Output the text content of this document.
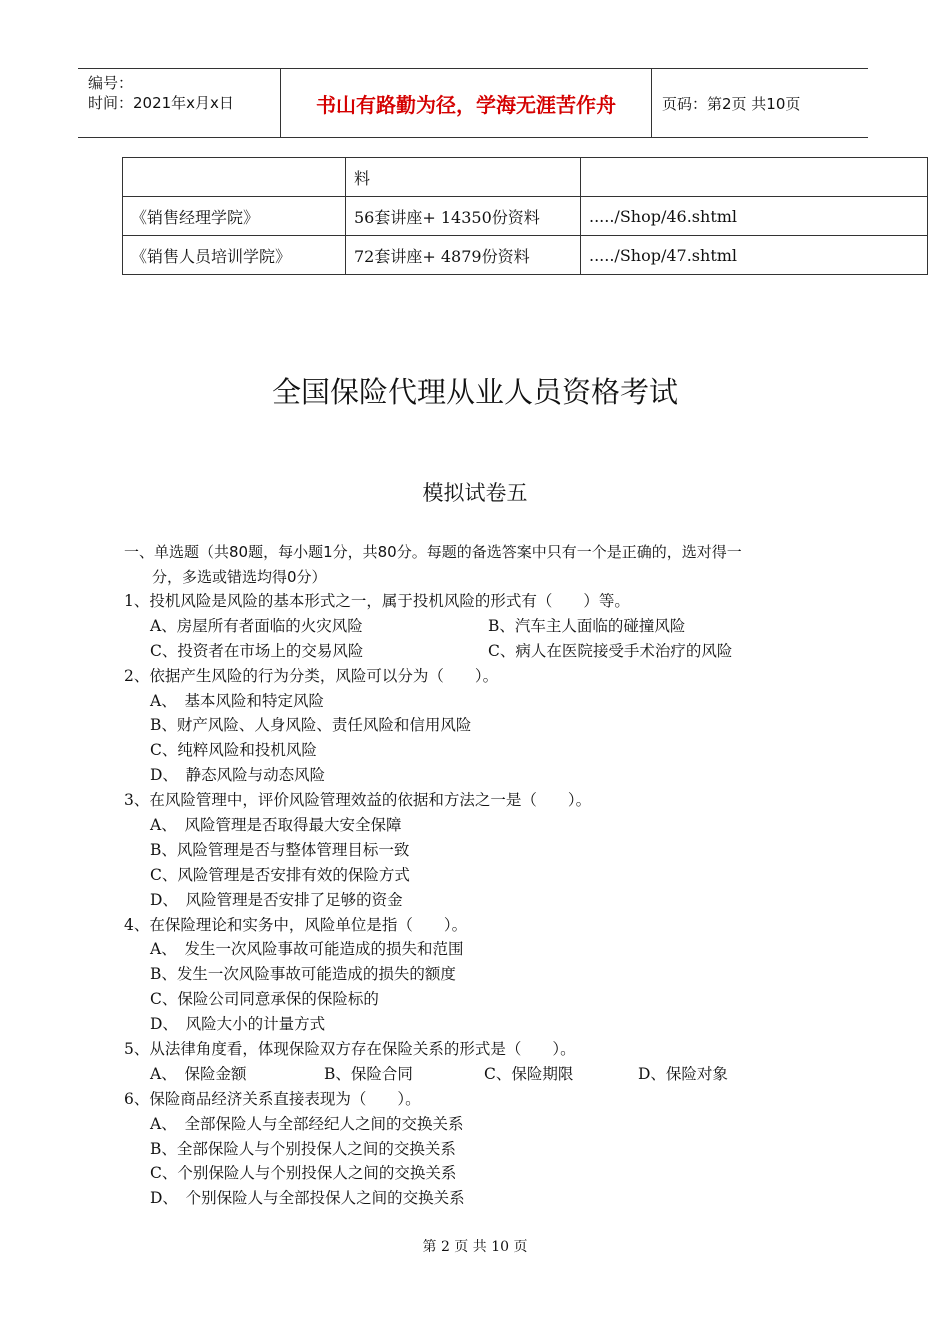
编号：
时间：2021年x月x日	书山有路勤为径，学海无涯苦作舟	页码：第2页 共10页
	料	
《销售经理学院》	56套讲座+ 14350份资料	...../Shop/46.shtml
《销售人员培训学院》	72套讲座+ 4879份资料	...../Shop/47.shtml
全国保险代理从业人员资格考试
模拟试卷五
一、单选题（共80题，每小题1分，共80分。每题的备选答案中只有一个是正确的，选对得一
分，多选或错选均得0分）
1、投机风险是风险的基本形式之一，属于投机风险的形式有（　　）等。
A、房屋所有者面临的火灾风险	B、汽车主人面临的碰撞风险
C、投资者在市场上的交易风险	C、病人在医院接受手术治疗的风险
2、依据产生风险的行为分类，风险可以分为（　　）。
A、　基本风险和特定风险
B、财产风险、人身风险、责任风险和信用风险
C、纯粹风险和投机风险
D、　静态风险与动态风险
3、在风险管理中，评价风险管理效益的依据和方法之一是（　　）。
A、　风险管理是否取得最大安全保障
B、风险管理是否与整体管理目标一致
C、风险管理是否安排有效的保险方式
D、　风险管理是否安排了足够的资金
4、在保险理论和实务中，风险单位是指（　　）。
A、　发生一次风险事故可能造成的损失和范围
B、发生一次风险事故可能造成的损失的额度
C、保险公司同意承保的保险标的
D、　风险大小的计量方式
5、从法律角度看，体现保险双方存在保险关系的形式是（　　）。
A、　保险金额	B、保险合同	C、保险期限	D、保险对象
6、保险商品经济关系直接表现为（　　）。
A、　全部保险人与全部经纪人之间的交换关系
B、全部保险人与个别投保人之间的交换关系
C、个别保险人与个别投保人之间的交换关系
D、　个别保险人与全部投保人之间的交换关系
第 2 页 共 10 页
